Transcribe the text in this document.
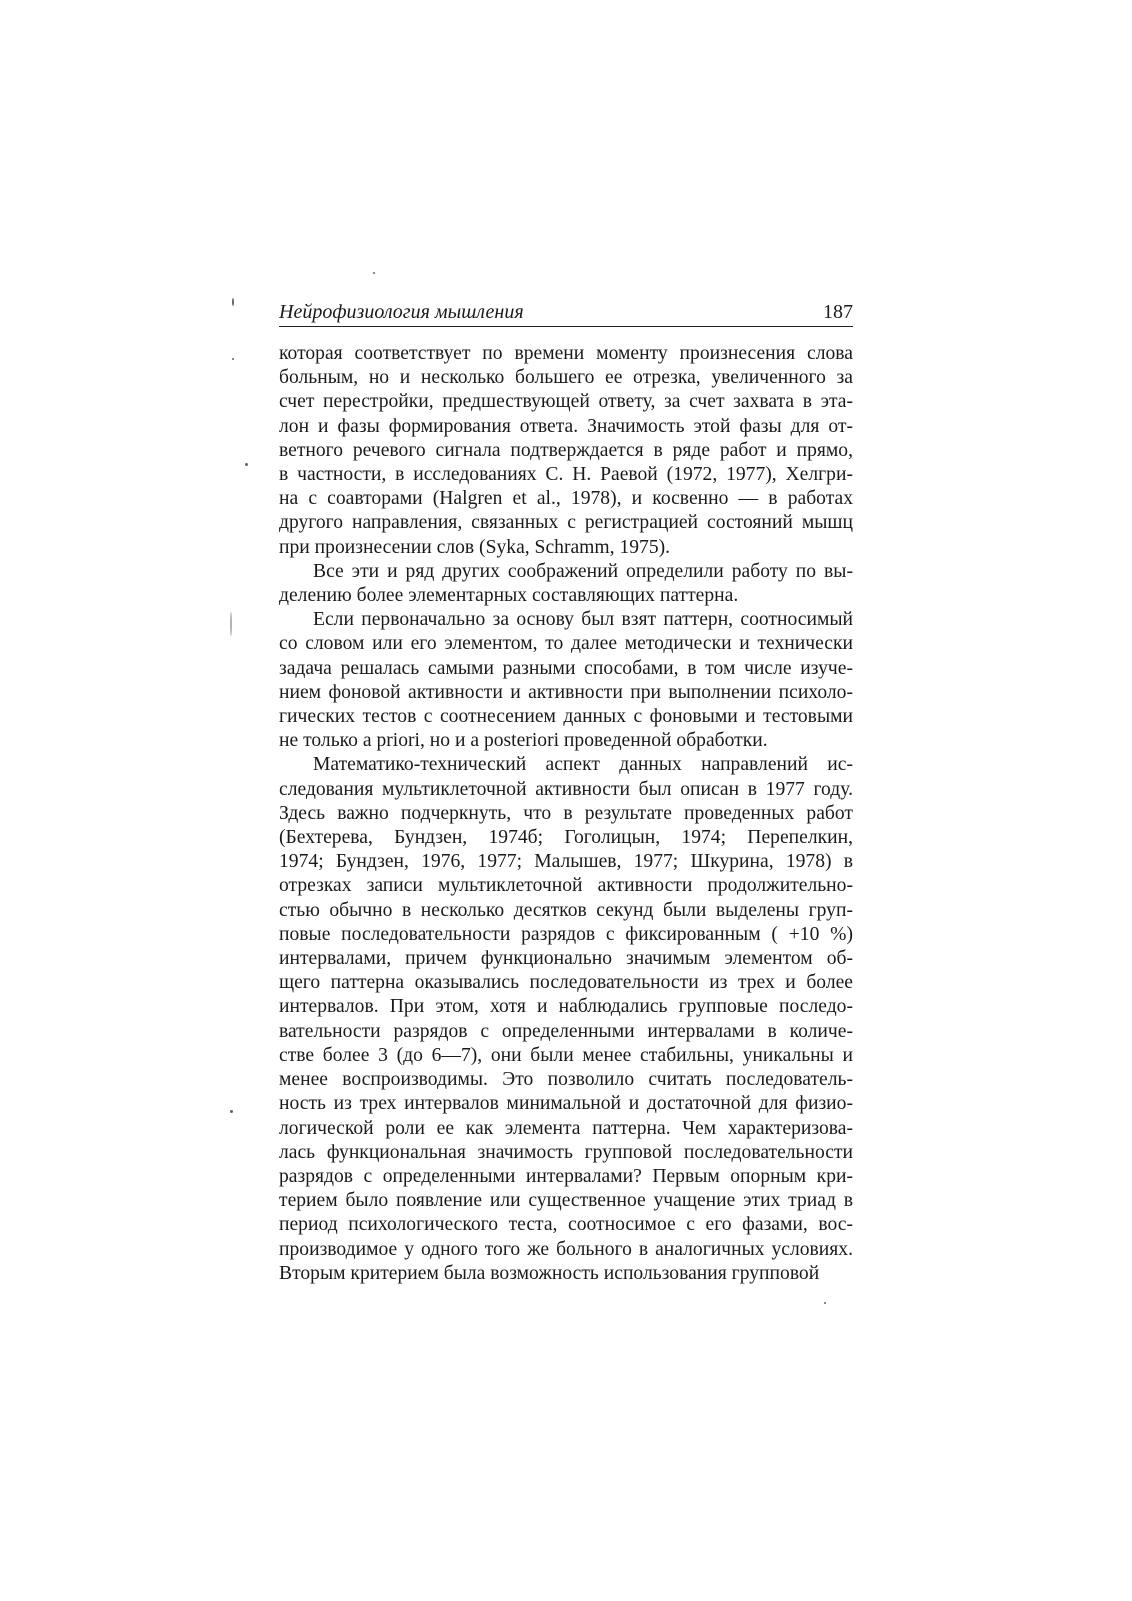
Нейрофизиология мышления	187
которая соответствует по времени моменту произнесения слова
больным, но и несколько большего ее отрезка, увеличенного за
счет перестройки, предшествующей ответу, за счет захвата в эта-
лон и фазы формирования ответа. Значимость этой фазы для от-
ветного речевого сигнала подтверждается в ряде работ и прямо,
в частности, в исследованиях С. Н. Раевой (1972, 1977), Хелгри-
на с соавторами (Halgren et al., 1978), и косвенно — в работах
другого направления, связанных с регистрацией состояний мышц
при произнесении слов (Syka, Schramm, 1975).
Все эти и ряд других соображений определили работу по вы-
делению более элементарных составляющих паттерна.
Если первоначально за основу был взят паттерн, соотносимый
со словом или его элементом, то далее методически и технически
задача решалась самыми разными способами, в том числе изуче-
нием фоновой активности и активности при выполнении психоло-
гических тестов с соотнесением данных с фоновыми и тестовыми
не только a priori, но и a posteriori проведенной обработки.
Математико-технический аспект данных направлений ис-
следования мультиклеточной активности был описан в 1977 году.
Здесь важно подчеркнуть, что в результате проведенных работ
(Бехтерева, Бундзен, 1974б; Гоголицын, 1974; Перепелкин,
1974; Бундзен, 1976, 1977; Малышев, 1977; Шкурина, 1978) в
отрезках записи мультиклеточной активности продолжительно-
стью обычно в несколько десятков секунд были выделены груп-
повые последовательности разрядов с фиксированным ( +10 %)
интервалами, причем функционально значимым элементом об-
щего паттерна оказывались последовательности из трех и более
интервалов. При этом, хотя и наблюдались групповые последо-
вательности разрядов с определенными интервалами в количе-
стве более 3 (до 6—7), они были менее стабильны, уникальны и
менее воспроизводимы. Это позволило считать последователь-
ность из трех интервалов минимальной и достаточной для физио-
логической роли ее как элемента паттерна. Чем характеризова-
лась функциональная значимость групповой последовательности
разрядов с определенными интервалами? Первым опорным кри-
терием было появление или существенное учащение этих триад в
период психологического теста, соотносимое с его фазами, вос-
производимое у одного того же больного в аналогичных условиях.
Вторым критерием была возможность использования групповой
